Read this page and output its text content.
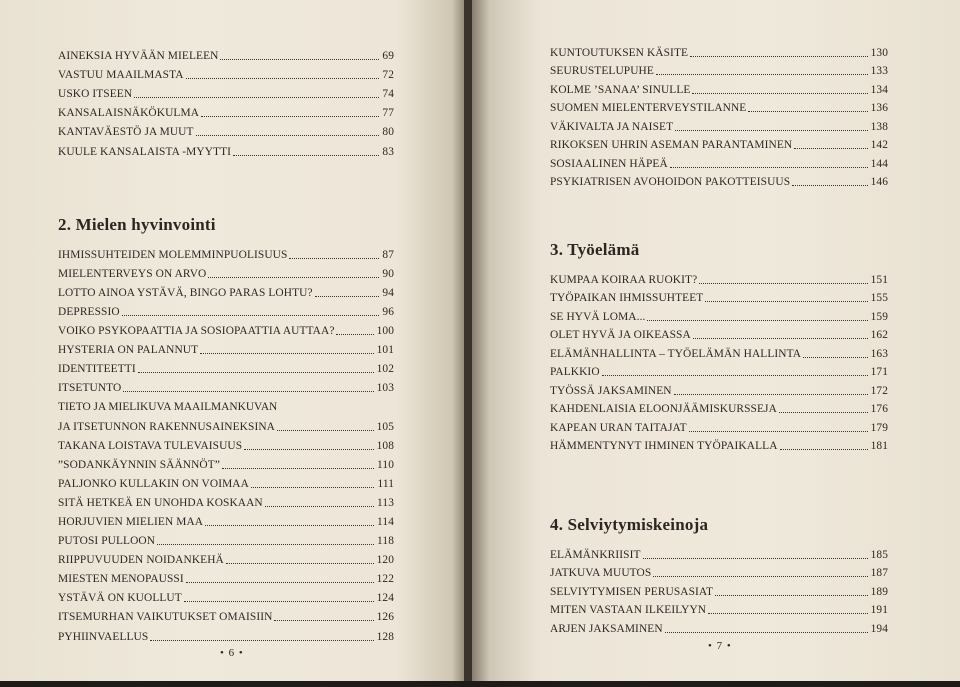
AINEKSIA HYVÄÄN MIELEEN	69
VASTUU MAAILMASTA	72
USKO ITSEEN	74
KANSALAISNÄKÖKULMA	77
KANTAVÄESTÖ JA MUUT	80
KUULE KANSALAISTA -MYYTTI	83
2. Mielen hyvinvointi
IHMISSUHTEIDEN MOLEMMINPUOLISUUS	87
MIELENTERVEYS ON ARVO	90
LOTTO AINOA YSTÄVÄ, BINGO PARAS LOHTU?	94
DEPRESSIO	96
VOIKO PSYKOPAATTIA JA SOSIOPAATTIA AUTTAA?	100
HYSTERIA ON PALANNUT	101
IDENTITEETTI	102
ITSETUNTO	103
TIETO JA MIELIKUVA MAAILMANKUVAN
JA ITSETUNNON RAKENNUSAINEKSINA	105
TAKANA LOISTAVA TULEVAISUUS	108
”SODANKÄYNNIN SÄÄNNÖT”	110
PALJONKO KULLAKIN ON VOIMAA	111
SITÄ HETKEÄ EN UNOHDA KOSKAAN	113
HORJUVIEN MIELIEN MAA	114
PUTOSI PULLOON	118
RIIPPUVUUDEN NOIDANKEHÄ	120
MIESTEN MENOPAUSSI	122
YSTÄVÄ ON KUOLLUT	124
ITSEMURHAN VAIKUTUKSET OMAISIIN	126
PYHIINVAELLUS	128
KUNTOUTUKSEN KÄSITE	130
SEURUSTELUPUHE	133
KOLME ’SANAA’ SINULLE	134
SUOMEN MIELENTERVEYSTILANNE	136
VÄKIVALTA JA NAISET	138
RIKOKSEN UHRIN ASEMAN PARANTAMINEN	142
SOSIAALINEN HÄPEÄ	144
PSYKIATRISEN AVOHOIDON PAKOTTEISUUS	146
3. Työelämä
KUMPAA KOIRAA RUOKIT?	151
TYÖPAIKAN IHMISSUHTEET	155
SE HYVÄ LOMA...	159
OLET HYVÄ JA OIKEASSA	162
ELÄMÄNHALLINTA – TYÖELÄMÄN HALLINTA	163
PALKKIO	171
TYÖSSÄ JAKSAMINEN	172
KAHDENLAISIA ELOONJÄÄMISKURSSEJA	176
KAPEAN URAN TAITAJAT	179
HÄMMENTYNYT IHMINEN TYÖPAIKALLA	181
4. Selviytymiskeinoja
ELÄMÄNKRIISIT	185
JATKUVA MUUTOS	187
SELVIYTYMISEN PERUSASIAT	189
MITEN VASTAAN ILKEILYYN	191
ARJEN JAKSAMINEN	194
• 6 •
• 7 •
